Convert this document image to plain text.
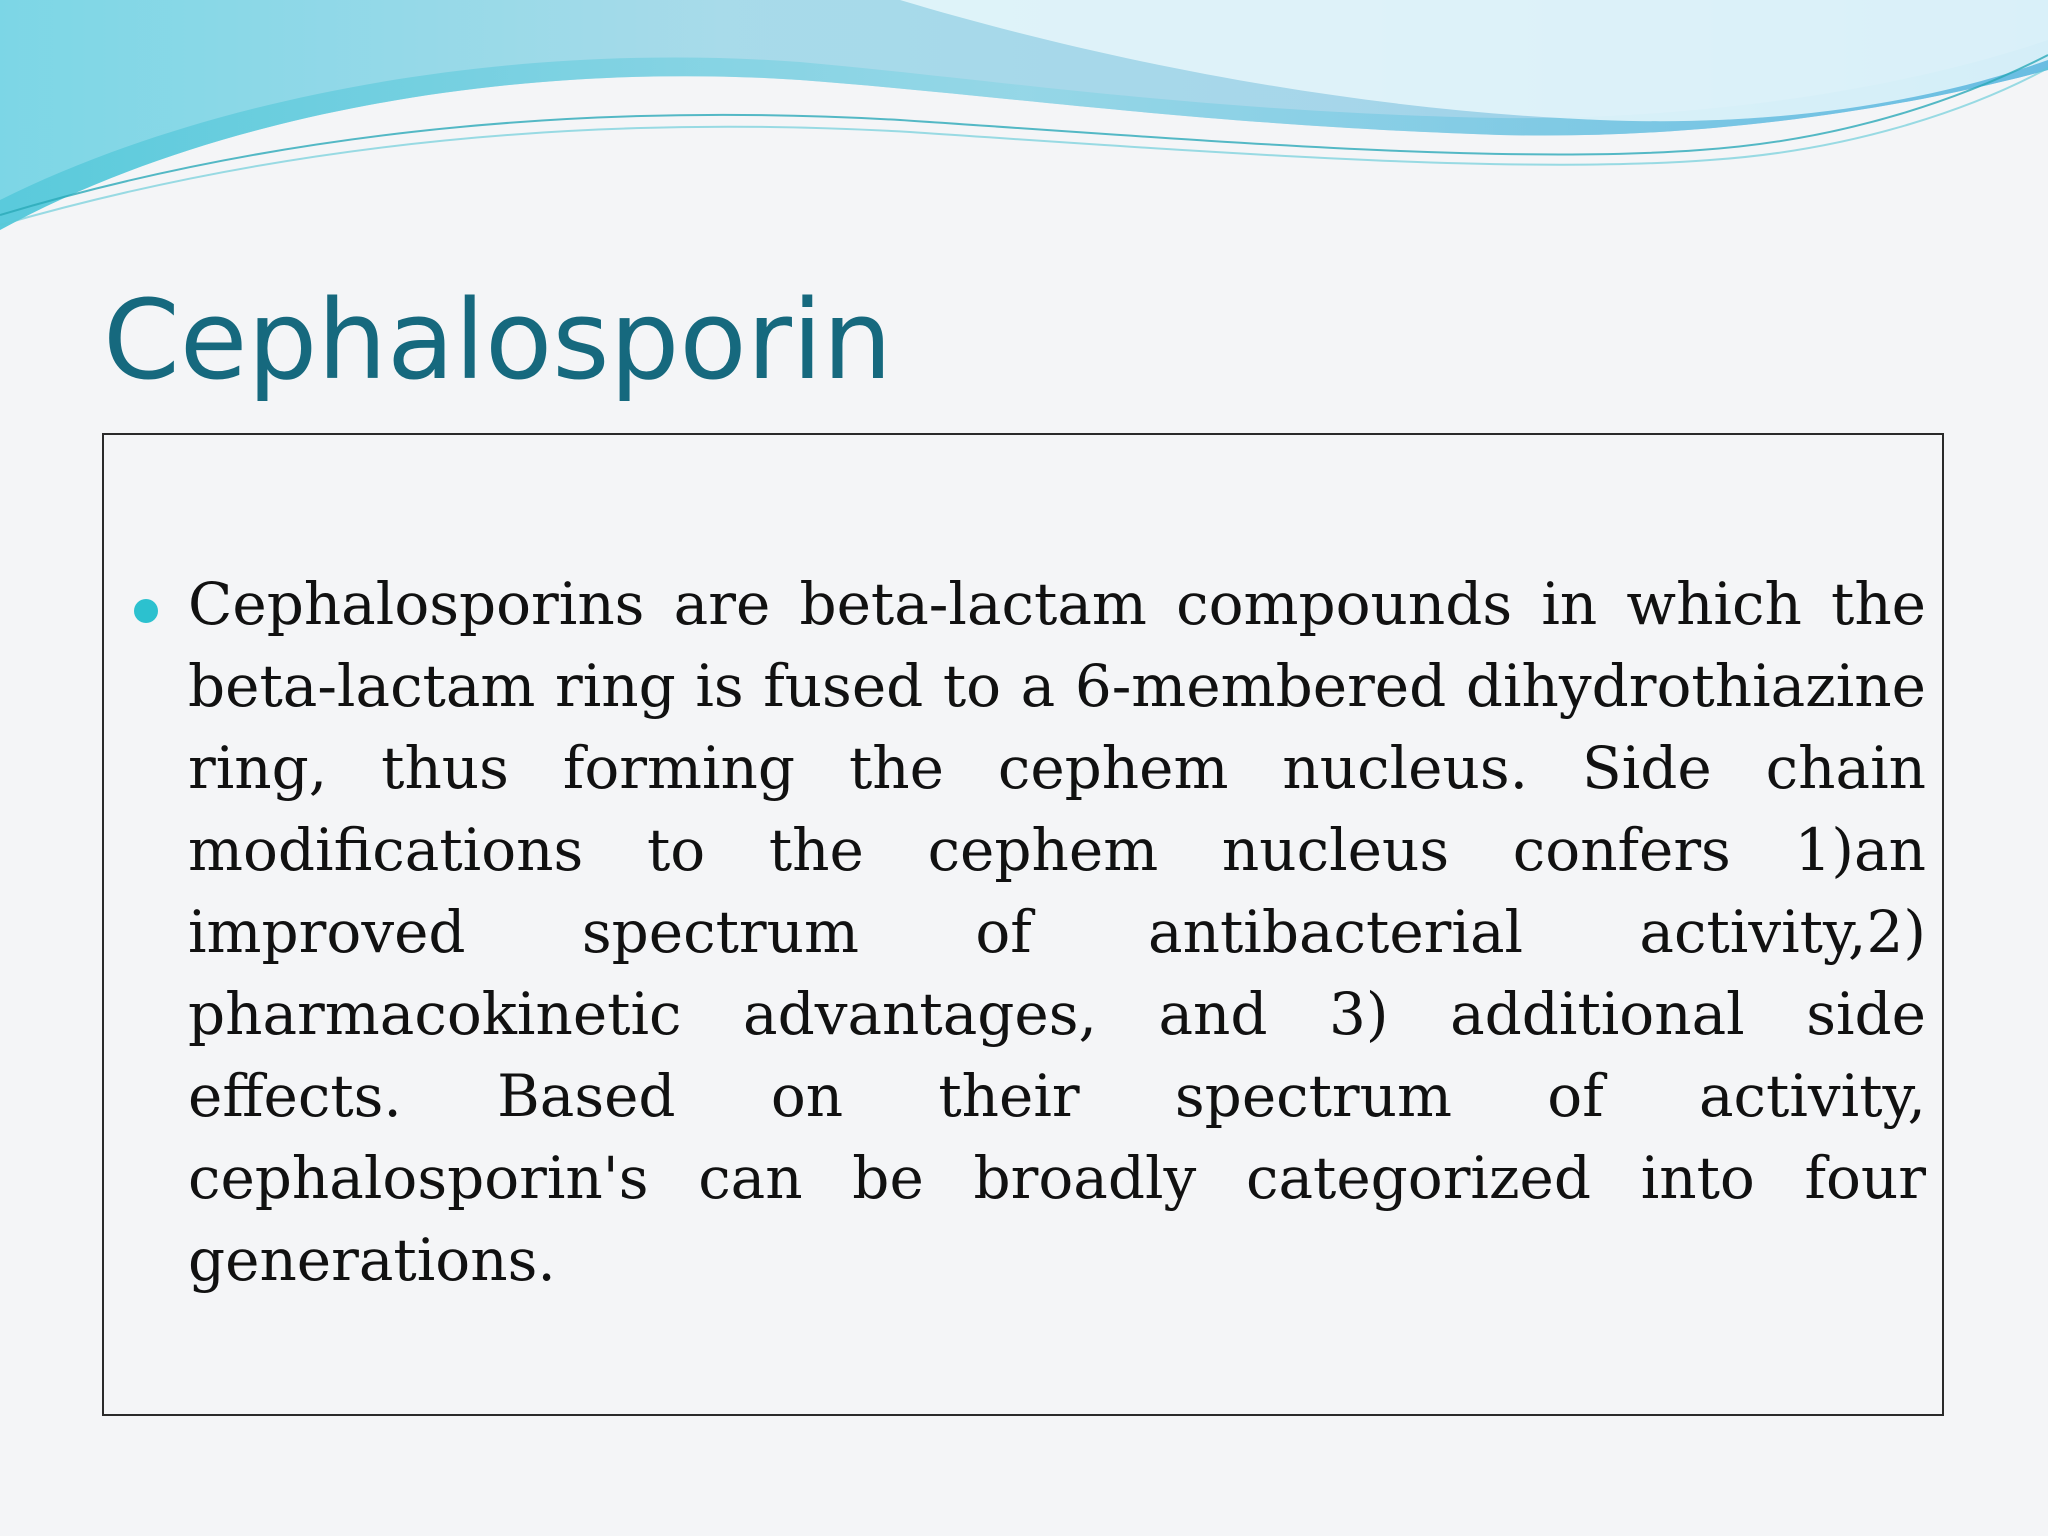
Cephalosporin

Cephalosporins are beta-lactam compounds in which the beta-lactam ring is fused to a 6-membered dihydrothiazine ring, thus forming the cephem nucleus. Side chain modifications to the cephem nucleus confers 1)an improved spectrum of antibacterial activity,2) pharmacokinetic advantages, and 3) additional side effects. Based on their spectrum of activity, cephalosporin's can be broadly categorized into four generations.
